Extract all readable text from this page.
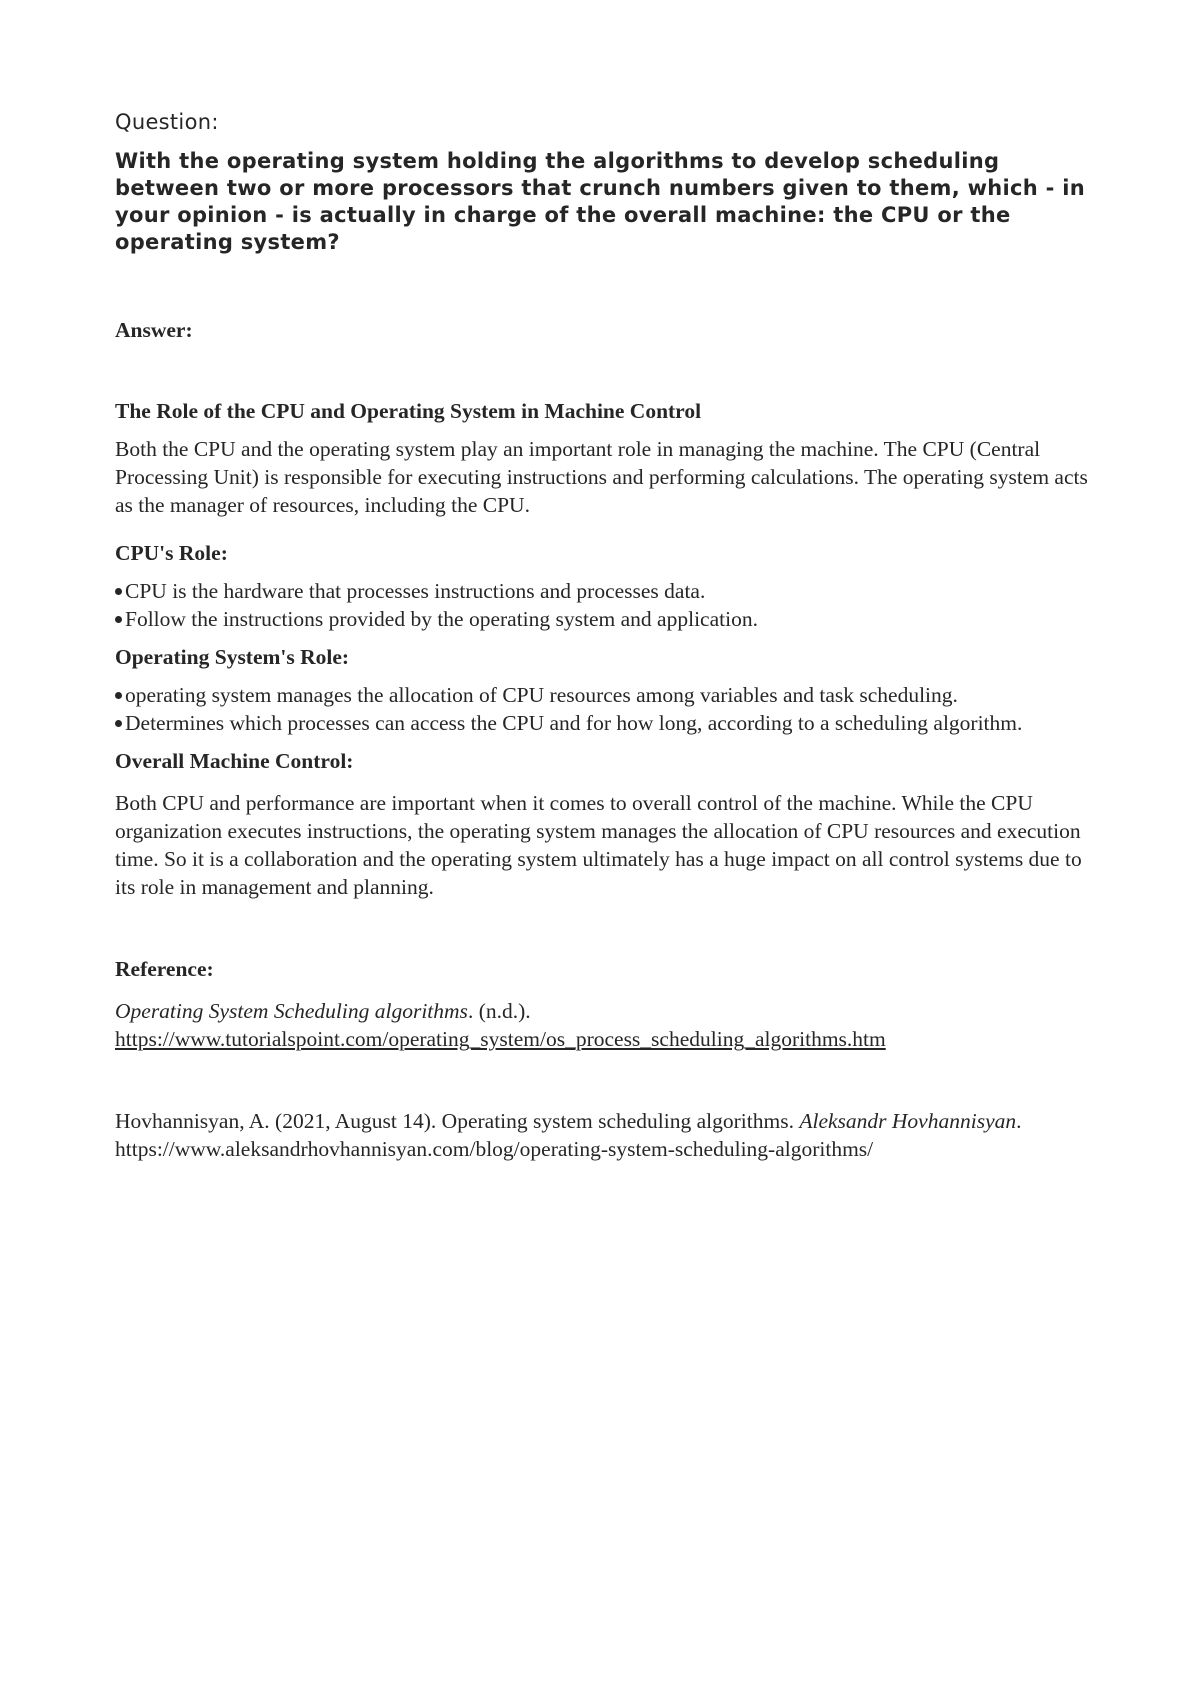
Question:

With the operating system holding the algorithms to develop scheduling between two or more processors that crunch numbers given to them, which - in your opinion - is actually in charge of the overall machine: the CPU or the operating system?

Answer:

The Role of the CPU and Operating System in Machine Control

Both the CPU and the operating system play an important role in managing the machine. The CPU (Central Processing Unit) is responsible for executing instructions and performing calculations. The operating system acts as the manager of resources, including the CPU.

CPU's Role:

CPU is the hardware that processes instructions and processes data.
Follow the instructions provided by the operating system and application.

Operating System's Role:

operating system manages the allocation of CPU resources among variables and task scheduling.
Determines which processes can access the CPU and for how long, according to a scheduling algorithm.

Overall Machine Control:

Both CPU and performance are important when it comes to overall control of the machine. While the CPU organization executes instructions, the operating system manages the allocation of CPU resources and execution time. So it is a collaboration and the operating system ultimately has a huge impact on all control systems due to its role in management and planning.

Reference:

Operating System Scheduling algorithms. (n.d.).
https://www.tutorialspoint.com/operating_system/os_process_scheduling_algorithms.htm

Hovhannisyan, A. (2021, August 14). Operating system scheduling algorithms. Aleksandr Hovhannisyan. https://www.aleksandrhovhannisyan.com/blog/operating-system-scheduling-algorithms/
